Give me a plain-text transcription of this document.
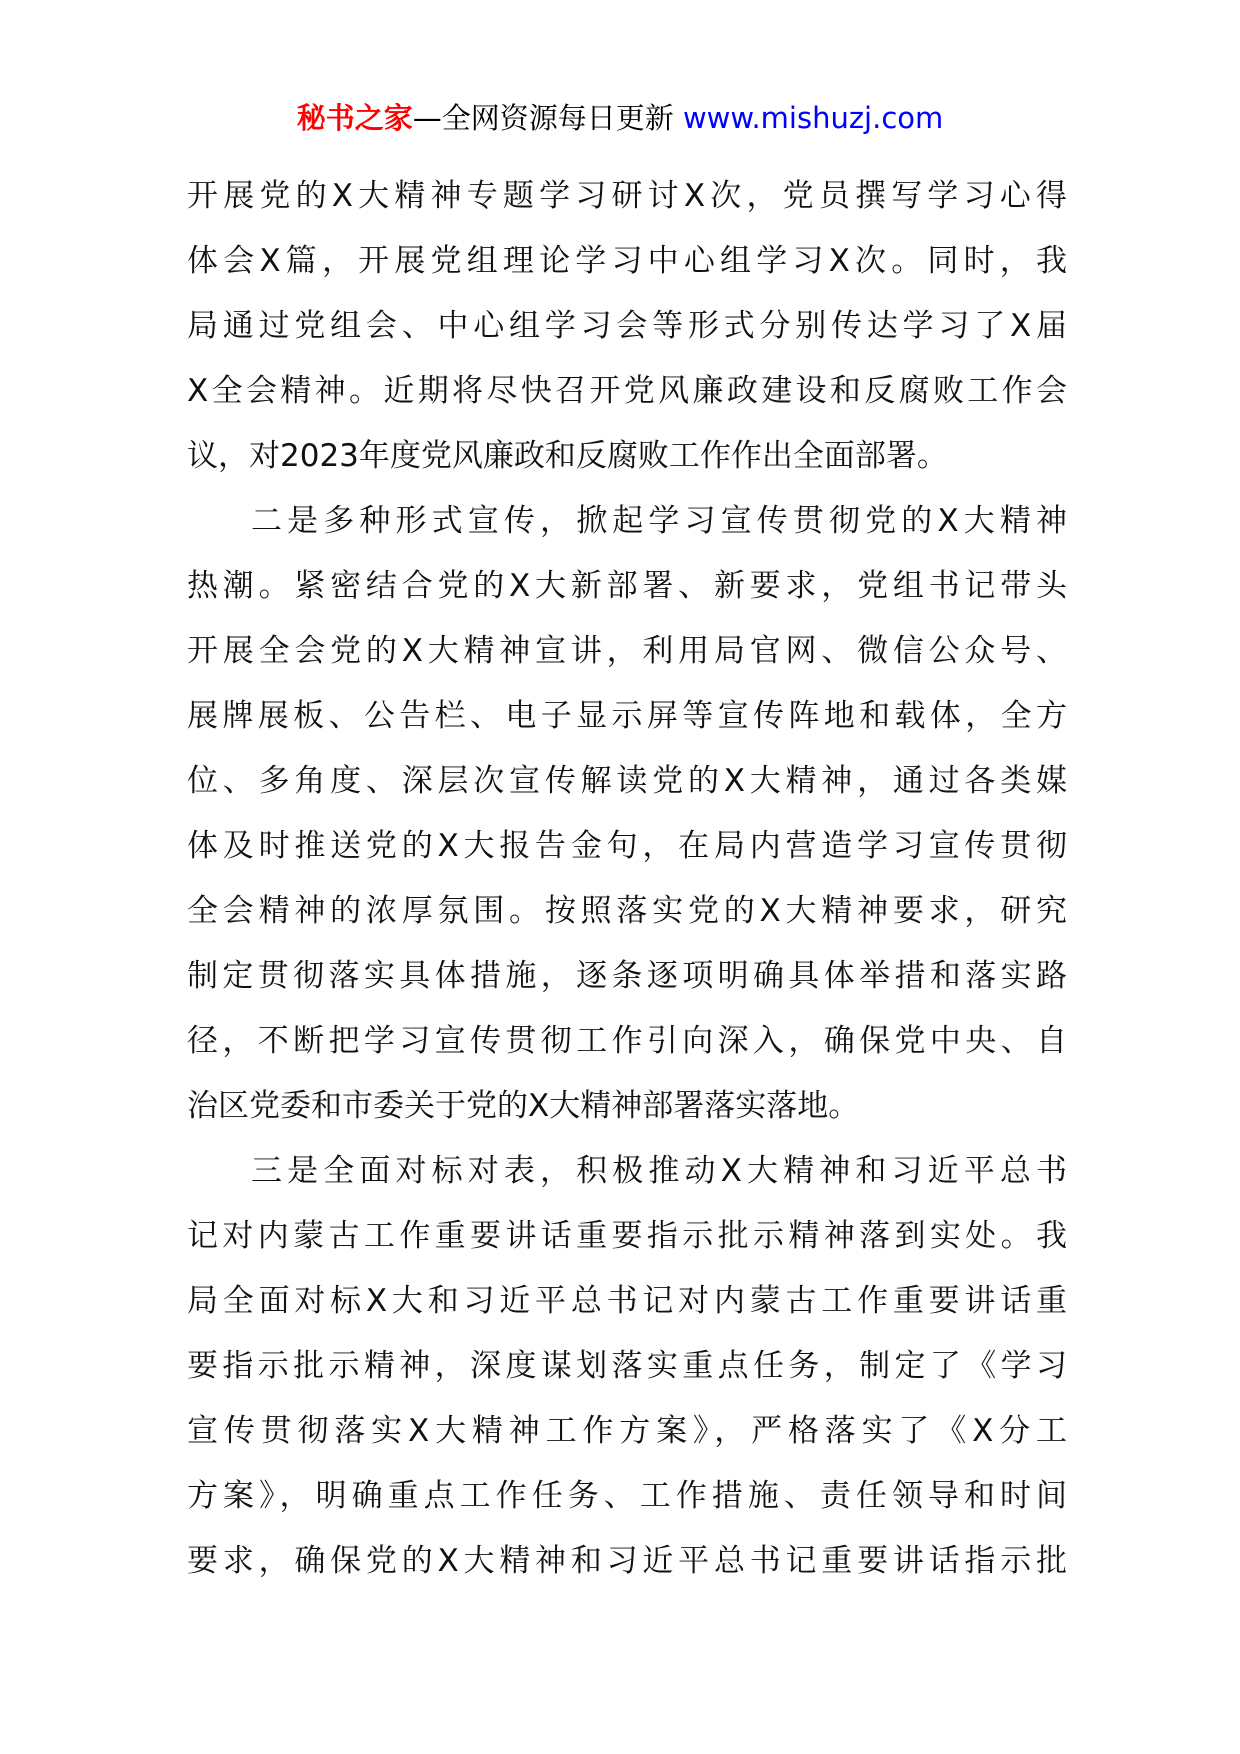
秘书之家—全网资源每日更新 www.mishuzj.com
开展党的X大精神专题学习研讨X次，党员撰写学习心得
体会X篇，开展党组理论学习中心组学习X次。同时，我
局通过党组会、中心组学习会等形式分别传达学习了X届
X全会精神。近期将尽快召开党风廉政建设和反腐败工作会
议，对2023年度党风廉政和反腐败工作作出全面部署。
二是多种形式宣传，掀起学习宣传贯彻党的X大精神
热潮。紧密结合党的X大新部署、新要求，党组书记带头
开展全会党的X大精神宣讲，利用局官网、微信公众号、
展牌展板、公告栏、电子显示屏等宣传阵地和载体，全方
位、多角度、深层次宣传解读党的X大精神，通过各类媒
体及时推送党的X大报告金句，在局内营造学习宣传贯彻
全会精神的浓厚氛围。按照落实党的X大精神要求，研究
制定贯彻落实具体措施，逐条逐项明确具体举措和落实路
径，不断把学习宣传贯彻工作引向深入，确保党中央、自
治区党委和市委关于党的X大精神部署落实落地。
三是全面对标对表，积极推动X大精神和习近平总书
记对内蒙古工作重要讲话重要指示批示精神落到实处。我
局全面对标X大和习近平总书记对内蒙古工作重要讲话重
要指示批示精神，深度谋划落实重点任务，制定了《学习
宣传贯彻落实X大精神工作方案》，严格落实了《X分工
方案》，明确重点工作任务、工作措施、责任领导和时间
要求，确保党的X大精神和习近平总书记重要讲话指示批
